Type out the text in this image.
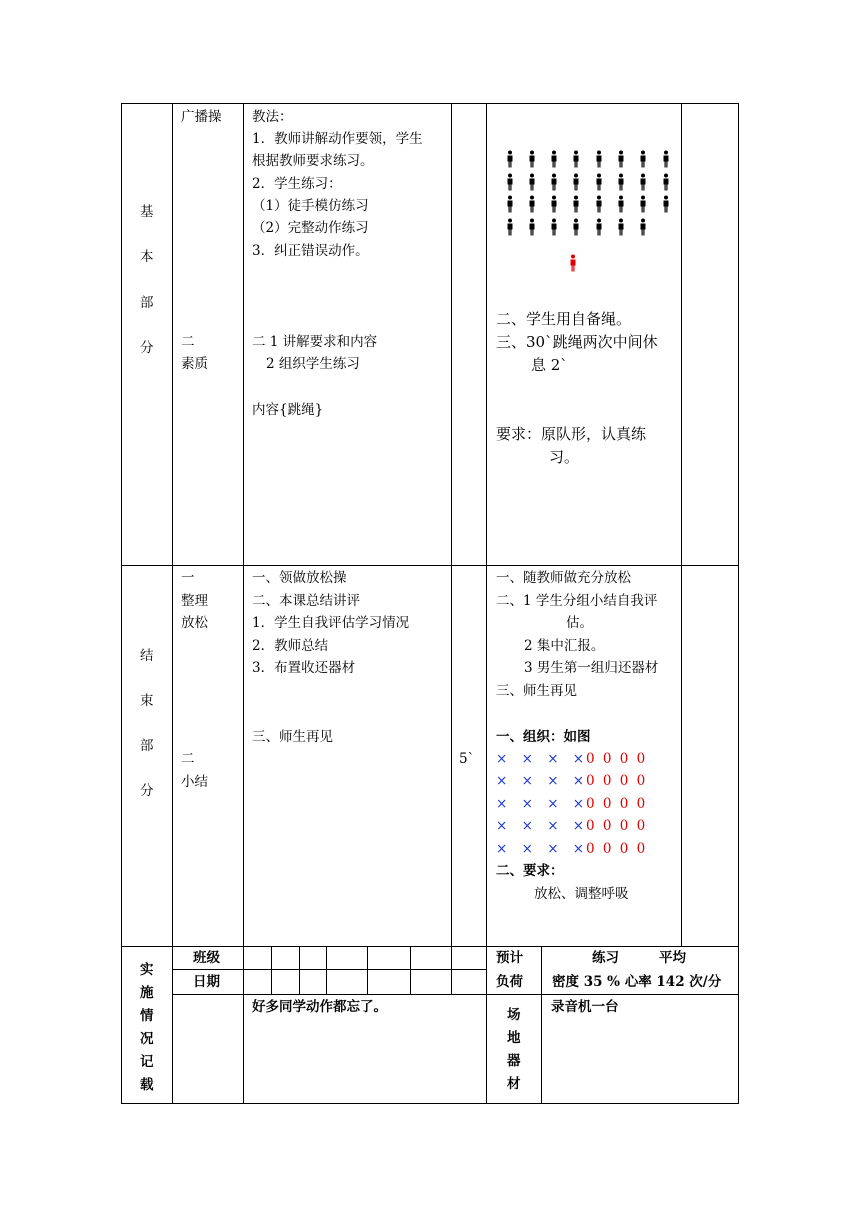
基
本
部
分
广播操
二
素质
教法：
1．教师讲解动作要领，学生
根据教师要求练习。
2．学生练习：
（1）徒手模仿练习
（2）完整动作练习
3．纠正错误动作。
二 1 讲解要求和内容
2 组织学生练习
内容{跳绳}
二、学生用自备绳。
三、30`跳绳两次中间休
息 2`
要求：原队形，认真练
习。
结
束
部
分
一
整理
放松
二
小结
一、领做放松操
二、本课总结讲评
1．学生自我评估学习情况
2．教师总结
3．布置收还器材
三、师生再见
5`
一、随教师做充分放松
二、1 学生分组小结自我评
估。
2 集中汇报。
3 男生第一组归还器材
三、师生再见
一、组织：如图
× × × ×
0 0 0 0
× × × ×
0 0 0 0
× × × ×
0 0 0 0
× × × ×
0 0 0 0
× × × ×
0 0 0 0
二、要求：
放松、调整呼吸
实
施
情
况
记
载
班级
日期
好多同学动作都忘了。
预计
负荷
练习	平均
密度 35 % 心率 142 次/分
场
地
器
材
录音机一台
